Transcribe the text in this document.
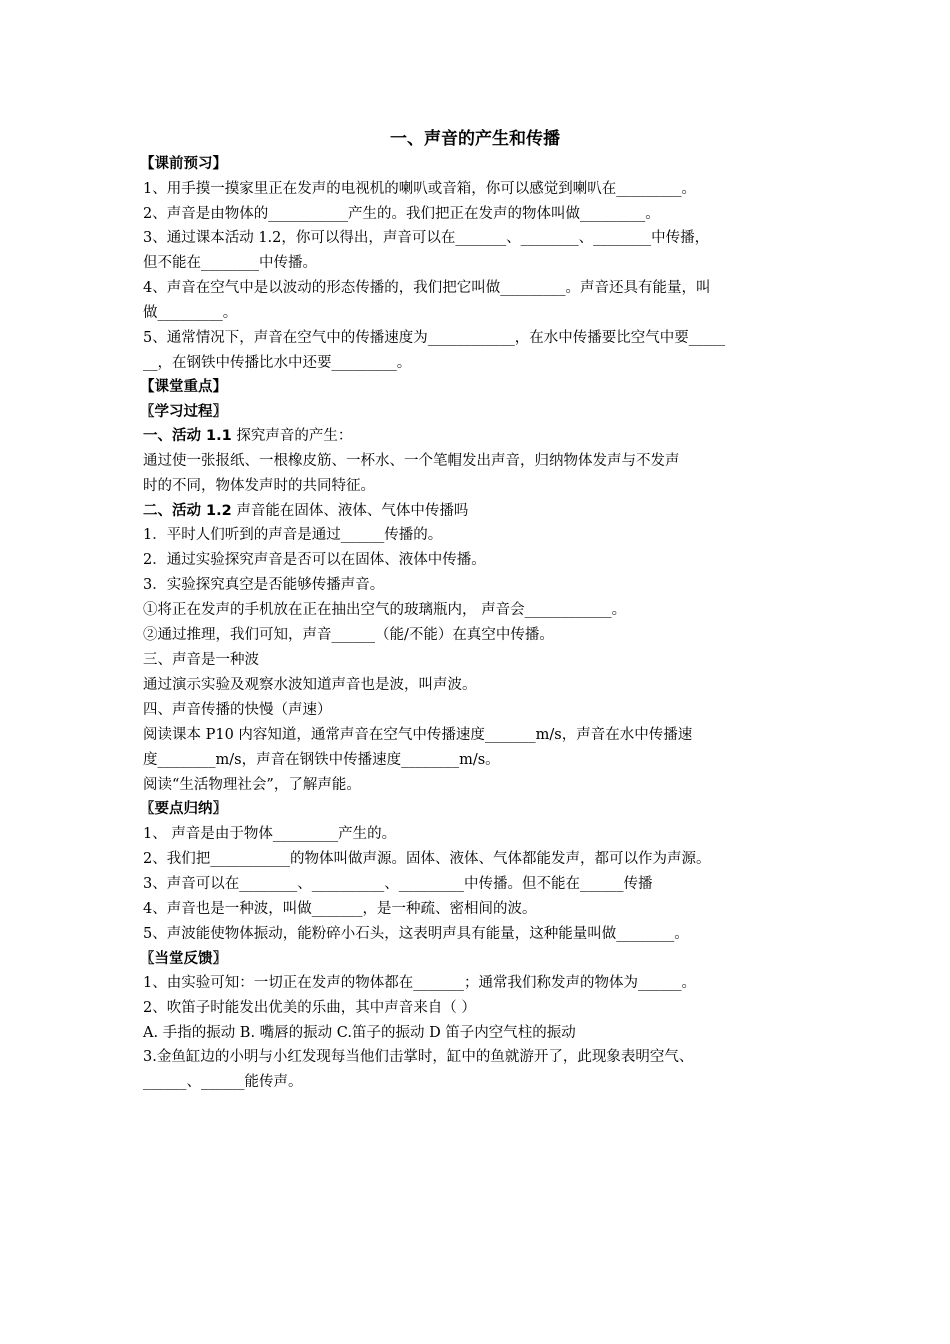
一、声音的产生和传播
【课前预习】
1、用手摸一摸家里正在发声的电视机的喇叭或音箱，你可以感觉到喇叭在_________。
2、声音是由物体的___________产生的。我们把正在发声的物体叫做_________。
3、通过课本活动 1.2，你可以得出，声音可以在_______、________、________中传播，
但不能在________中传播。
4、声音在空气中是以波动的形态传播的，我们把它叫做_________。声音还具有能量，叫
做_________。
5、通常情况下，声音在空气中的传播速度为____________，在水中传播要比空气中要_____
__，在钢铁中传播比水中还要_________。
【课堂重点】
〖学习过程〗
一、活动 1.1 探究声音的产生：
通过使一张报纸、一根橡皮筋、一杯水、一个笔帽发出声音，归纳物体发声与不发声
时的不同，物体发声时的共同特征。
二、活动 1.2 声音能在固体、液体、气体中传播吗
1．平时人们听到的声音是通过______传播的。
2．通过实验探究声音是否可以在固体、液体中传播。
3．实验探究真空是否能够传播声音。
①将正在发声的手机放在正在抽出空气的玻璃瓶内， 声音会____________。
②通过推理，我们可知，声音______（能/不能）在真空中传播。
三、声音是一种波
通过演示实验及观察水波知道声音也是波，叫声波。
四、声音传播的快慢（声速）
阅读课本 P10 内容知道，通常声音在空气中传播速度_______m/s，声音在水中传播速
度________m/s，声音在钢铁中传播速度________m/s。
阅读“生活物理社会”，了解声能。
〖要点归纳〗
1、 声音是由于物体_________产生的。
2、我们把___________的物体叫做声源。固体、液体、气体都能发声，都可以作为声源。
3、声音可以在________、__________、_________中传播。但不能在______传播
4、声音也是一种波，叫做_______，是一种疏、密相间的波。
5、声波能使物体振动，能粉碎小石头，这表明声具有能量，这种能量叫做________。
〖当堂反馈〗
1、由实验可知：一切正在发声的物体都在_______；通常我们称发声的物体为______。
2、吹笛子时能发出优美的乐曲，其中声音来自（ ）
A. 手指的振动 B. 嘴唇的振动 C.笛子的振动 D 笛子内空气柱的振动
3.金鱼缸边的小明与小红发现每当他们击掌时，缸中的鱼就游开了，此现象表明空气、
______、______能传声。
